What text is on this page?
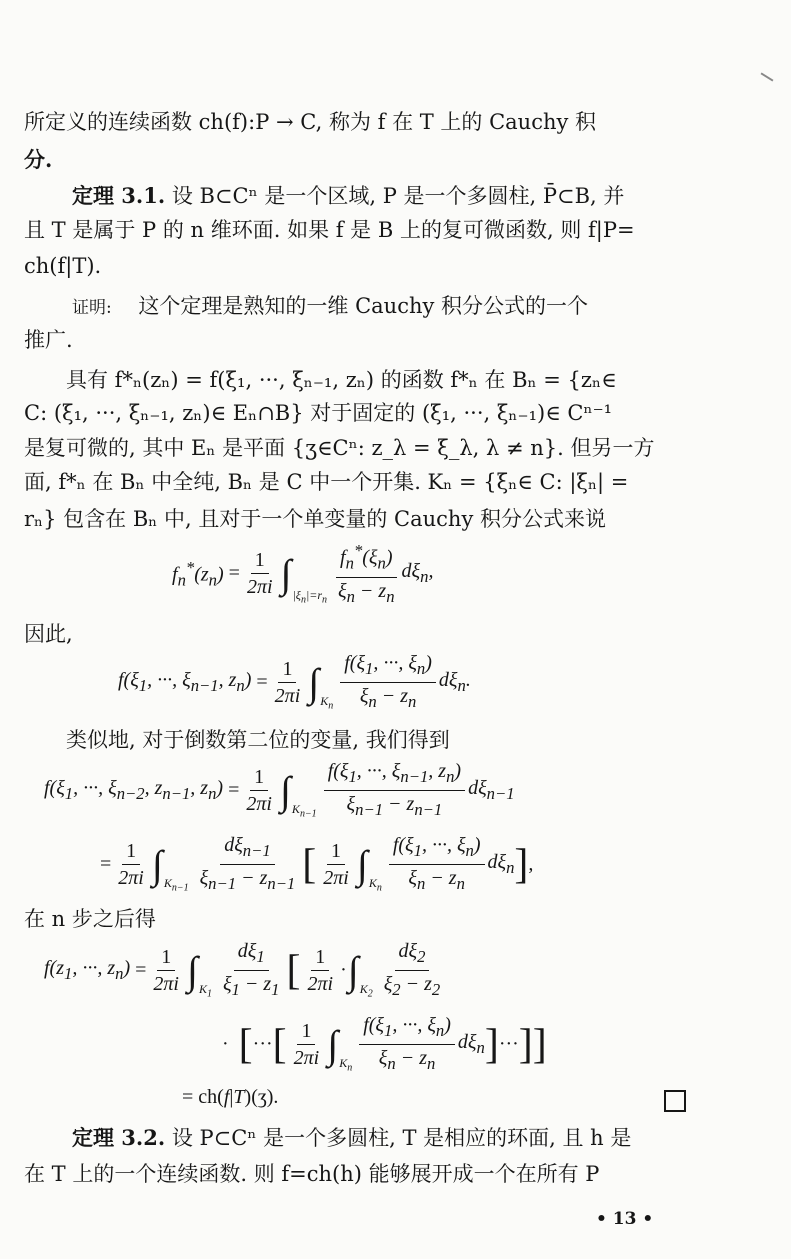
所定义的连续函数 ch(f):P → C, 称为 f 在 T 上的 Cauchy 积
分.
定理 3.1. 设 B⊂Cⁿ 是一个区域, P 是一个多圆柱, P̄⊂B, 并
且 T 是属于 P 的 n 维环面. 如果 f 是 B 上的复可微函数, 则 f|P=
ch(f|T).
证明: 这个定理是熟知的一维 Cauchy 积分公式的一个
推广.
具有 f*ₙ(zₙ) = f(ξ₁, ···, ξₙ₋₁, zₙ) 的函数 f*ₙ 在 Bₙ = {zₙ∈
C: (ξ₁, ···, ξₙ₋₁, zₙ)∈ Eₙ∩B} 对于固定的 (ξ₁, ···, ξₙ₋₁)∈ Cⁿ⁻¹
是复可微的, 其中 Eₙ 是平面 {ʒ∈Cⁿ: z_λ = ξ_λ, λ ≠ n}. 但另一方
面, f*ₙ 在 Bₙ 中全纯, Bₙ 是 C 中一个开集. Kₙ = {ξₙ∈ C: |ξₙ| =
rₙ} 包含在 Bₙ 中, 且对于一个单变量的 Cauchy 积分公式来说
$f_n^*(z_n)$
= $\frac{1}{2\pi i}$ ∫ $|\xi_n|=r_n \frac{f_n^*(\xi_n)}{\xi_n - z_n} d\xi_n$,
因此,
$f(\xi_1$, ···, $\xi_{n-1}$, $z_n$)
= $\frac{1}{2\pi i}$ ∫ $K_n \frac{f(\xi_1, \cdot\cdot\cdot, \xi_n)}{\xi_n - z_n} d\xi_n$.
类似地, 对于倒数第二位的变量, 我们得到
$f(\xi_1$, ···, $\xi_{n-2}$, $z_{n-1}$, $z_n$)
= $\frac{1}{2\pi i}$ ∫ $K_{n-1} \frac{f(\xi_1, \cdot\cdot\cdot, \xi_{n-1}, z_n)}{\xi_{n-1} - z_{n-1}} d\xi_{n-1}$
= $\frac{1}{2\pi i}$ ∫ $K_{n-1} \frac{d\xi_{n-1}}{\xi_{n-1} - z_{n-1}}$ [ $\frac{1}{2\pi i}$ ∫ $K_n \frac{f(\xi_1, \cdot\cdot\cdot, \xi_n)}{\xi_n - z_n} d\xi_n$ ] ,
在 n 步之后得
$f(z_1$, ···, $z_n$)
= $\frac{1}{2\pi i}$ ∫ $K_1 \frac{d\xi_1}{\xi_1 - z_1}$ [ $\frac{1}{2\pi i}$ · ∫ $K_2 \frac{d\xi_2}{\xi_2 - z_2}$
·
[ ··· [ $\frac{1}{2\pi i}$ ∫ $K_n \frac{f(\xi_1, \cdot\cdot\cdot, \xi_n)}{\xi_n - z_n} d\xi_n$ ] ··· ]]
= ch(f|T)(ʒ).
定理 3.2. 设 P⊂Cⁿ 是一个多圆柱, T 是相应的环面, 且 h 是
在 T 上的一个连续函数. 则 f=ch(h) 能够展开成一个在所有 P
• 13 •
